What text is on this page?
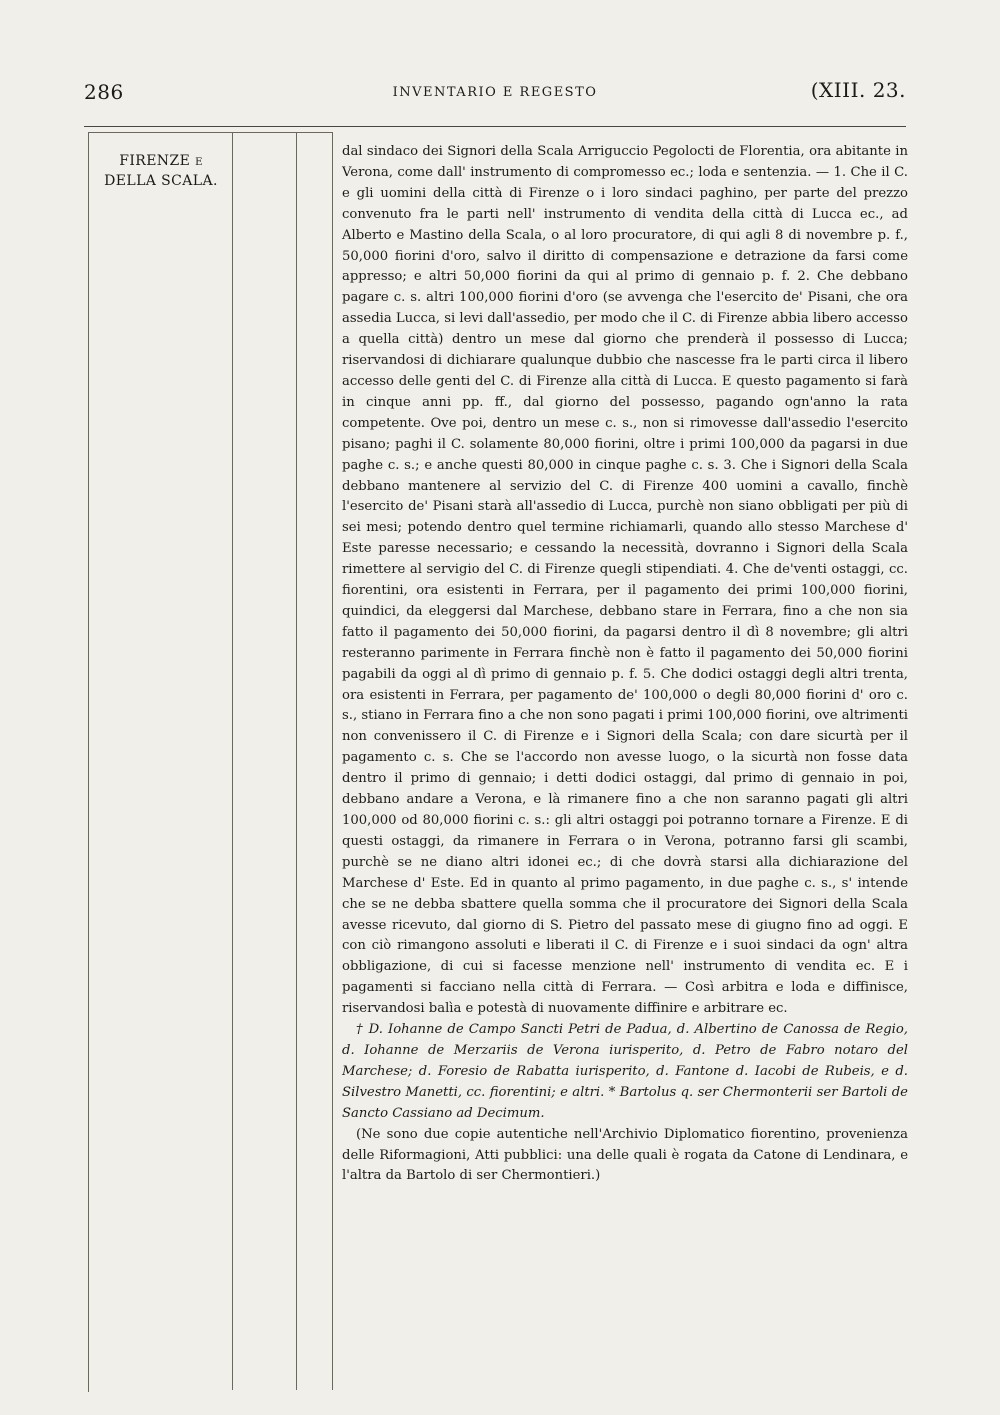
286	INVENTARIO E REGESTO	(XIII. 23.
FIRENZE E
DELLA SCALA.

dal sindaco dei Signori della Scala Arriguccio Pegolocti de Florentia, ora abitante in Verona, come dall' instrumento di compromesso ec.; loda e sentenzia. — 1. Che il C. e gli uomini della città di Firenze o i loro sindaci paghino, per parte del prezzo convenuto fra le parti nell' instrumento di vendita della città di Lucca ec., ad Alberto e Mastino della Scala, o al loro procuratore, di qui agli 8 di novembre p. f., 50,000 fiorini d'oro, salvo il diritto di compensazione e detrazione da farsi come appresso; e altri 50,000 fiorini da qui al primo di gennaio p. f. 2. Che debbano pagare c. s. altri 100,000 fiorini d'oro (se avvenga che l'esercito de' Pisani, che ora assedia Lucca, si levi dall'assedio, per modo che il C. di Firenze abbia libero accesso a quella città) dentro un mese dal giorno che prenderà il possesso di Lucca; riservandosi di dichiarare qualunque dubbio che nascesse fra le parti circa il libero accesso delle genti del C. di Firenze alla città di Lucca. E questo pagamento si farà in cinque anni pp. ff., dal giorno del possesso, pagando ogn'anno la rata competente. Ove poi, dentro un mese c. s., non si rimovesse dall'assedio l'esercito pisano; paghi il C. solamente 80,000 fiorini, oltre i primi 100,000 da pagarsi in due paghe c. s.; e anche questi 80,000 in cinque paghe c. s. 3. Che i Signori della Scala debbano mantenere al servizio del C. di Firenze 400 uomini a cavallo, finchè l'esercito de' Pisani starà all'assedio di Lucca, purchè non siano obbligati per più di sei mesi; potendo dentro quel termine richiamarli, quando allo stesso Marchese d' Este paresse necessario; e cessando la necessità, dovranno i Signori della Scala rimettere al servigio del C. di Firenze quegli stipendiati. 4. Che de'venti ostaggi, cc. fiorentini, ora esistenti in Ferrara, per il pagamento dei primi 100,000 fiorini, quindici, da eleggersi dal Marchese, debbano stare in Ferrara, fino a che non sia fatto il pagamento dei 50,000 fiorini, da pagarsi dentro il dì 8 novembre; gli altri resteranno parimente in Ferrara finchè non è fatto il pagamento dei 50,000 fiorini pagabili da oggi al dì primo di gennaio p. f. 5. Che dodici ostaggi degli altri trenta, ora esistenti in Ferrara, per pagamento de' 100,000 o degli 80,000 fiorini d' oro c. s., stiano in Ferrara fino a che non sono pagati i primi 100,000 fiorini, ove altrimenti non convenissero il C. di Firenze e i Signori della Scala; con dare sicurtà per il pagamento c. s. Che se l'accordo non avesse luogo, o la sicurtà non fosse data dentro il primo di gennaio; i detti dodici ostaggi, dal primo di gennaio in poi, debbano andare a Verona, e là rimanere fino a che non saranno pagati gli altri 100,000 od 80,000 fiorini c. s.: gli altri ostaggi poi potranno tornare a Firenze. E di questi ostaggi, da rimanere in Ferrara o in Verona, potranno farsi gli scambi, purchè se ne diano altri idonei ec.; di che dovrà starsi alla dichiarazione del Marchese d' Este. Ed in quanto al primo pagamento, in due paghe c. s., s' intende che se ne debba sbattere quella somma che il procuratore dei Signori della Scala avesse ricevuto, dal giorno di S. Pietro del passato mese di giugno fino ad oggi. E con ciò rimangono assoluti e liberati il C. di Firenze e i suoi sindaci da ogn' altra obbligazione, di cui si facesse menzione nell' instrumento di vendita ec. E i pagamenti si facciano nella città di Ferrara. — Così arbitra e loda e diffinisce, riservandosi balìa e potestà di nuovamente diffinire e arbitrare ec.

† D. Iohanne de Campo Sancti Petri de Padua, d. Albertino de Canossa de Regio, d. Iohanne de Merzariis de Verona iurisperito, d. Petro de Fabro notaro del Marchese; d. Foresio de Rabatta iurisperito, d. Fantone d. Iacobi de Rubeis, e d. Silvestro Manetti, cc. fiorentini; e altri. * Bartolus q. ser Chermonterii ser Bartoli de Sancto Cassiano ad Decimum.

(Ne sono due copie autentiche nell'Archivio Diplomatico fiorentino, provenienza delle Riformagioni, Atti pubblici: una delle quali è rogata da Catone di Lendinara, e l'altra da Bartolo di ser Chermontieri.)
